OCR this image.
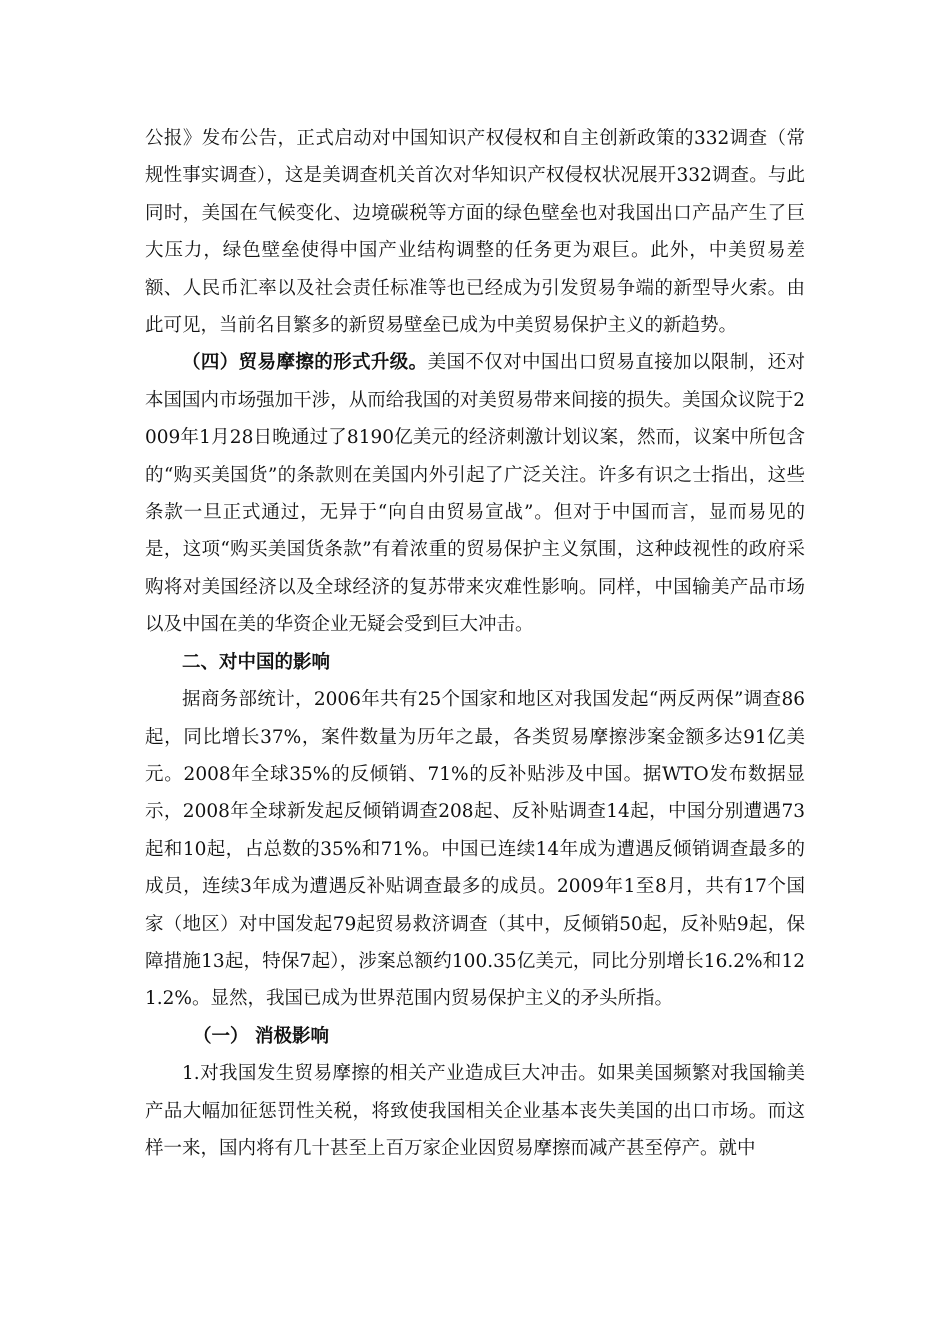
公报》发布公告，正式启动对中国知识产权侵权和自主创新政策的332调查（常规性事实调查），这是美调查机关首次对华知识产权侵权状况展开332调查。与此同时，美国在气候变化、边境碳税等方面的绿色壁垒也对我国出口产品产生了巨大压力，绿色壁垒使得中国产业结构调整的任务更为艰巨。此外，中美贸易差额、人民币汇率以及社会责任标准等也已经成为引发贸易争端的新型导火索。由此可见，当前名目繁多的新贸易壁垒已成为中美贸易保护主义的新趋势。

（四）贸易摩擦的形式升级。美国不仅对中国出口贸易直接加以限制，还对本国国内市场强加干涉，从而给我国的对美贸易带来间接的损失。美国众议院于2009年1月28日晚通过了8190亿美元的经济刺激计划议案，然而，议案中所包含的“购买美国货”的条款则在美国内外引起了广泛关注。许多有识之士指出，这些条款一旦正式通过，无异于“向自由贸易宣战”。但对于中国而言，显而易见的是，这项“购买美国货条款”有着浓重的贸易保护主义氛围，这种歧视性的政府采购将对美国经济以及全球经济的复苏带来灾难性影响。同样，中国输美产品市场以及中国在美的华资企业无疑会受到巨大冲击。

二、对中国的影响

据商务部统计，2006年共有25个国家和地区对我国发起“两反两保”调查86起，同比增长37%，案件数量为历年之最，各类贸易摩擦涉案金额多达91亿美元。2008年全球35%的反倾销、71%的反补贴涉及中国。据WTO发布数据显示，2008年全球新发起反倾销调查208起、反补贴调查14起，中国分别遭遇73起和10起，占总数的35%和71%。中国已连续14年成为遭遇反倾销调查最多的成员，连续3年成为遭遇反补贴调查最多的成员。2009年1至8月，共有17个国家（地区）对中国发起79起贸易救济调查（其中，反倾销50起，反补贴9起，保障措施13起，特保7起），涉案总额约100.35亿美元，同比分别增长16.2%和121.2%。显然，我国已成为世界范围内贸易保护主义的矛头所指。

（一） 消极影响

1.对我国发生贸易摩擦的相关产业造成巨大冲击。如果美国频繁对我国输美产品大幅加征惩罚性关税，将致使我国相关企业基本丧失美国的出口市场。而这样一来，国内将有几十甚至上百万家企业因贸易摩擦而减产甚至停产。就中
